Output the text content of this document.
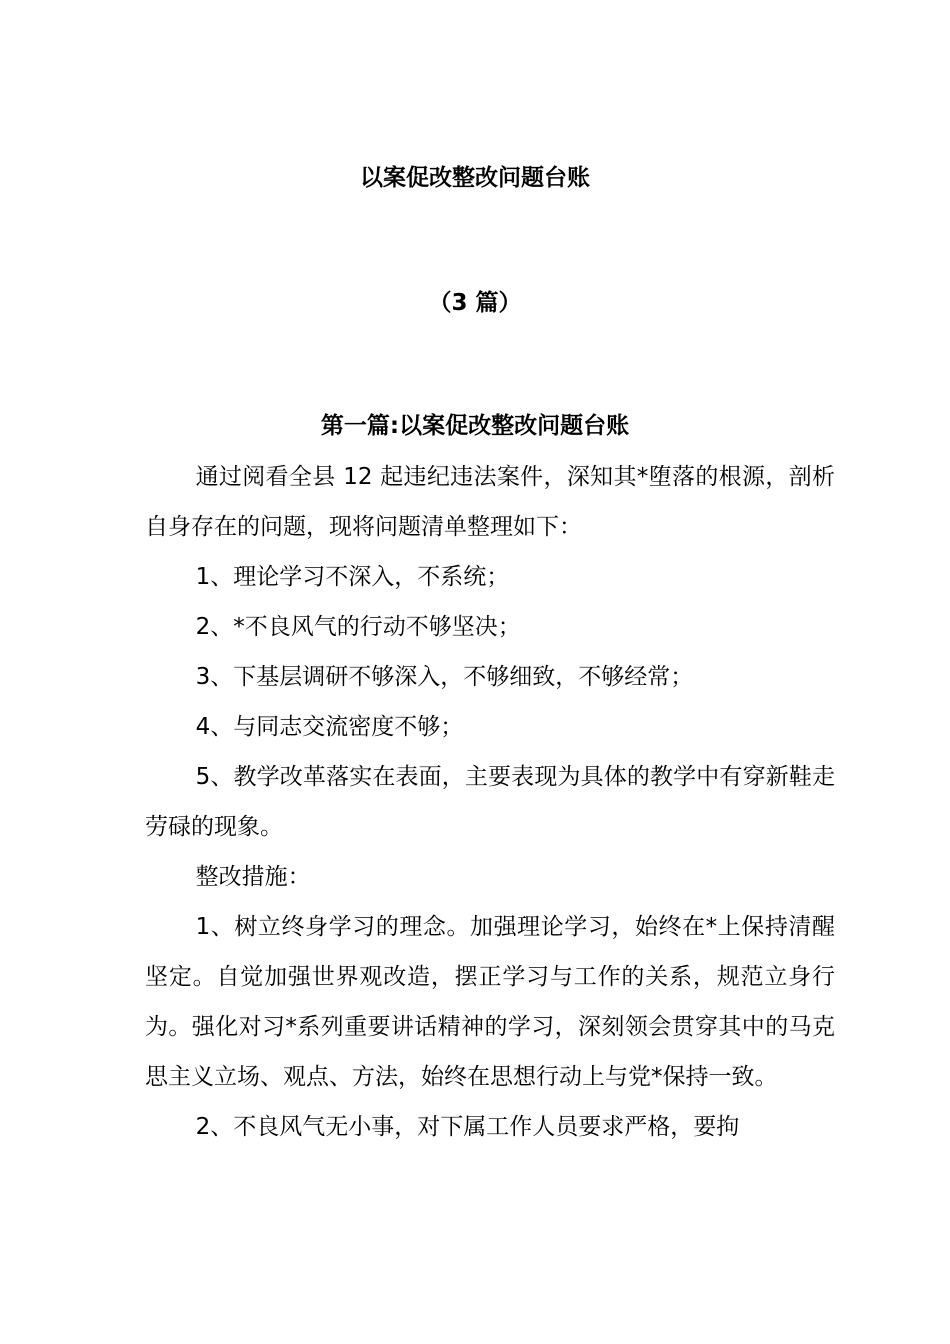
以案促改整改问题台账
（3 篇）
第一篇:以案促改整改问题台账

通过阅看全县 12 起违纪违法案件，深知其*堕落的根源，剖析自身存在的问题，现将问题清单整理如下：

1、理论学习不深入，不系统；

2、*不良风气的行动不够坚决；

3、下基层调研不够深入，不够细致，不够经常；

4、与同志交流密度不够；

5、教学改革落实在表面，主要表现为具体的教学中有穿新鞋走劳碌的现象。

整改措施：

1、树立终身学习的理念。加强理论学习，始终在*上保持清醒坚定。自觉加强世界观改造，摆正学习与工作的关系，规范立身行为。强化对习*系列重要讲话精神的学习，深刻领会贯穿其中的马克思主义立场、观点、方法，始终在思想行动上与党*保持一致。

2、不良风气无小事，对下属工作人员要求严格，要拘
